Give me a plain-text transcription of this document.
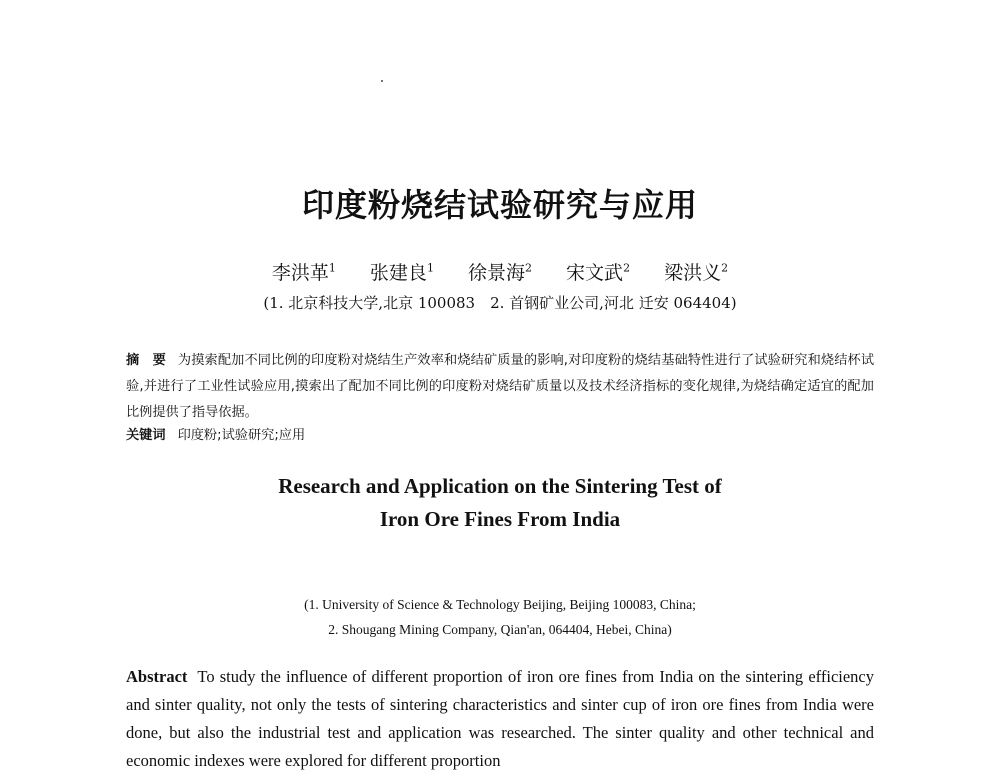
印度粉烧结试验研究与应用
李洪革$^1$ 张建良$^1$ 徐景海$^2$ 宋文武$^2$ 梁洪义$^2$
(1. 北京科技大学,北京 100083　2. 首钢矿业公司,河北 迁安 064404)
摘　要 为摸索配加不同比例的印度粉对烧结生产效率和烧结矿质量的影响,对印度粉的烧结基础特性进行了试验研究和烧结杯试验,并进行了工业性试验应用,摸索出了配加不同比例的印度粉对烧结矿质量以及技术经济指标的变化规律,为烧结确定适宜的配加比例提供了指导依据。
关键词 印度粉;试验研究;应用
Research and Application on the Sintering Test of
Iron Ore Fines From India
(1. University of Science & Technology Beijing, Beijing 100083, China;
2. Shougang Mining Company, Qian'an, 064404, Hebei, China)
Abstract To study the influence of different proportion of iron ore fines from India on the sintering efficiency and sinter quality, not only the tests of sintering characteristics and sinter cup of iron ore fines from India were done, but also the industrial test and application was researched. The sinter quality and other technical and economic indexes were explored for different proportion
